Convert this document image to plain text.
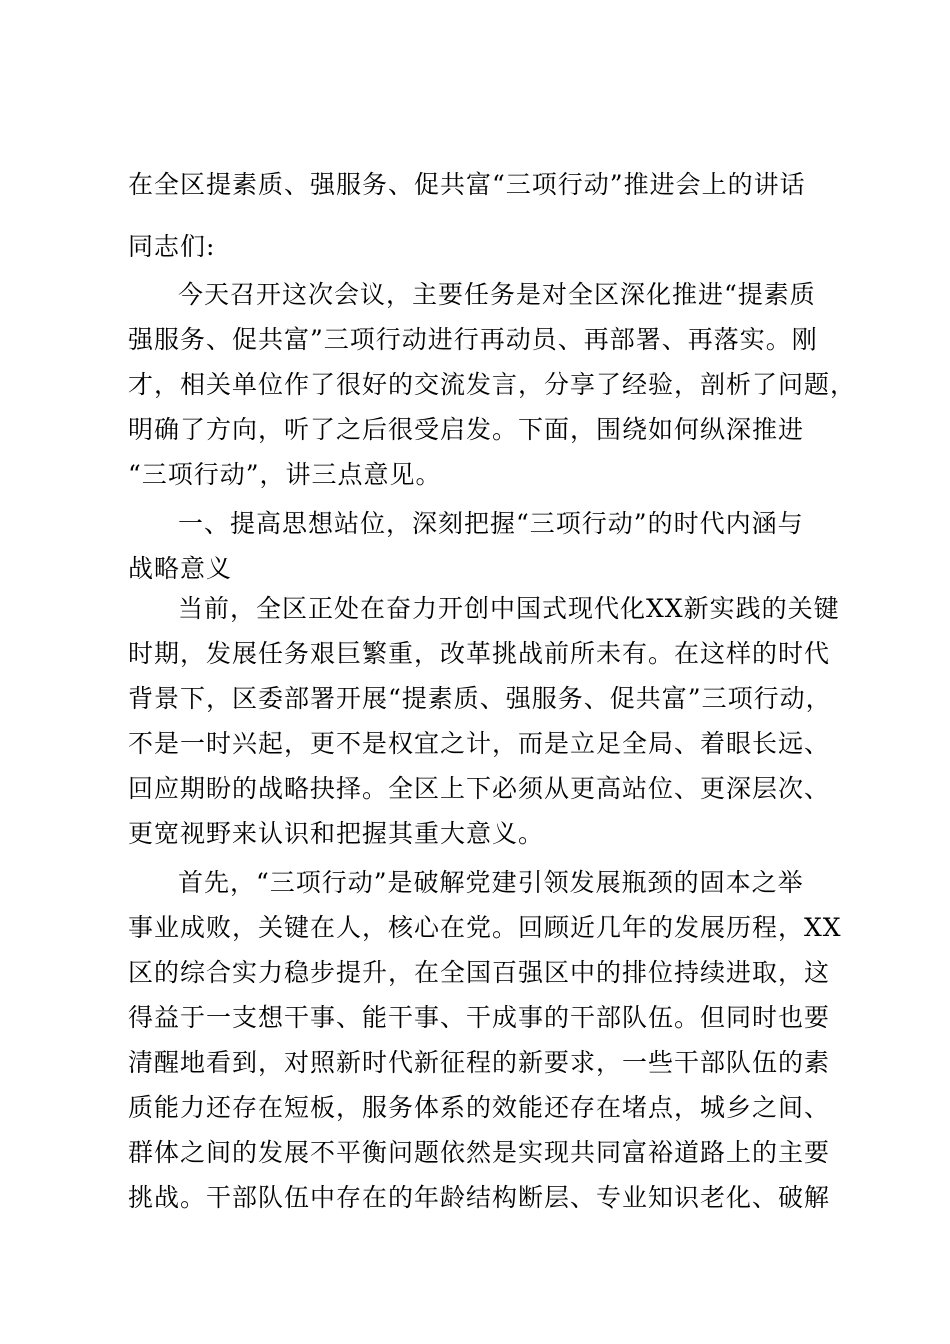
在全区提素质、强服务、促共富“三项行动”推进会上的讲话

同志们:

今天召开这次会议，主要任务是对全区深化推进“提素质

强服务、促共富”三项行动进行再动员、再部署、再落实。刚

才，相关单位作了很好的交流发言，分享了经验，剖析了问题，

明确了方向，听了之后很受启发。下面，围绕如何纵深推进

“三项行动”，讲三点意见。

一、提高思想站位，深刻把握“三项行动”的时代内涵与

战略意义

当前，全区正处在奋力开创中国式现代化XX新实践的关键

时期，发展任务艰巨繁重，改革挑战前所未有。在这样的时代

背景下，区委部署开展“提素质、强服务、促共富”三项行动，

不是一时兴起，更不是权宜之计，而是立足全局、着眼长远、

回应期盼的战略抉择。全区上下必须从更高站位、更深层次、

更宽视野来认识和把握其重大意义。

首先，“三项行动”是破解党建引领发展瓶颈的固本之举

事业成败，关键在人，核心在党。回顾近几年的发展历程，XX

区的综合实力稳步提升，在全国百强区中的排位持续进取，这

得益于一支想干事、能干事、干成事的干部队伍。但同时也要

清醒地看到，对照新时代新征程的新要求，一些干部队伍的素

质能力还存在短板，服务体系的效能还存在堵点，城乡之间、

群体之间的发展不平衡问题依然是实现共同富裕道路上的主要

挑战。干部队伍中存在的年龄结构断层、专业知识老化、破解
